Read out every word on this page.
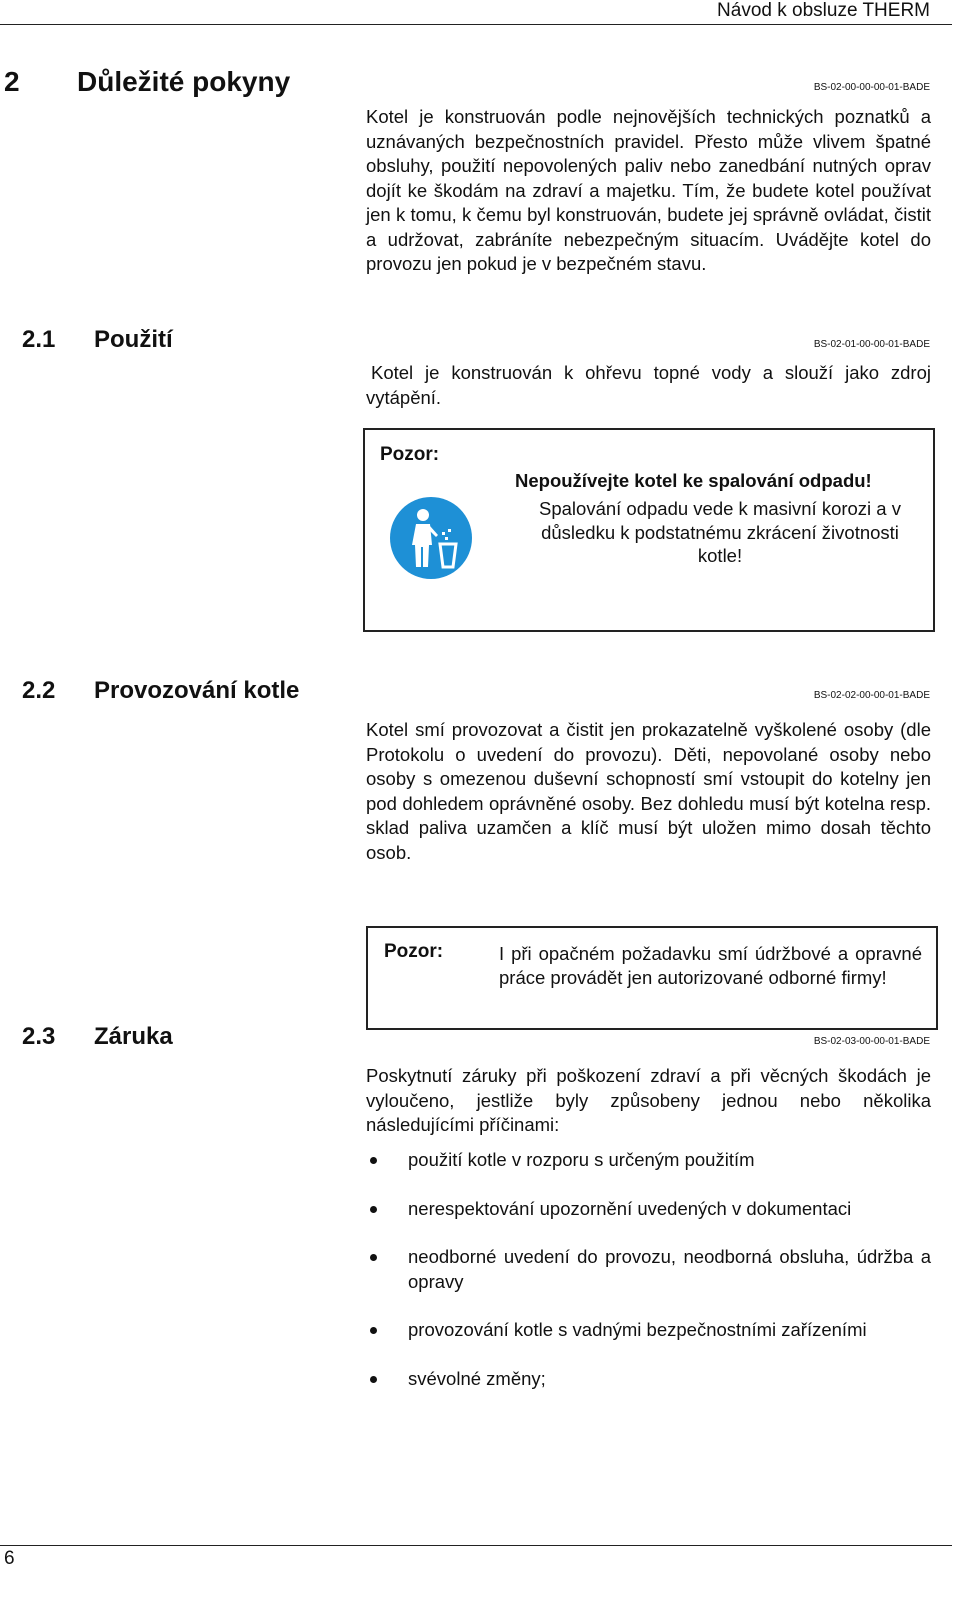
Návod k obsluze THERM
2 Důležité pokyny	BS-02-00-00-00-01-BADE
Kotel je konstruován podle nejnovějších technických poznatků a uznávaných bezpečnostních pravidel. Přesto může vlivem špatné obsluhy, použití nepovolených paliv nebo zanedbání nutných oprav dojít ke škodám na zdraví a majetku. Tím, že budete kotel používat jen k tomu, k čemu byl konstruován, budete jej správně ovládat, čistit a udržovat, zabráníte nebezpečným situacím. Uvádějte kotel do provozu jen pokud je v bezpečném stavu.
2.1 Použití	BS-02-01-00-00-01-BADE
Kotel je konstruován k ohřevu topné vody a slouží jako zdroj vytápění.
Pozor:
Nepoužívejte kotel ke spalování odpadu!
Spalování odpadu vede k masivní korozi a v důsledku k podstatnému zkrácení životnosti kotle!
2.2 Provozování kotle	BS-02-02-00-00-01-BADE
Kotel smí provozovat a čistit jen prokazatelně vyškolené osoby (dle Protokolu o uvedení do provozu). Děti, nepovolané osoby nebo osoby s omezenou duševní schopností smí vstoupit do kotelny jen pod dohledem oprávněné osoby. Bez dohledu musí být kotelna resp. sklad paliva uzamčen a klíč musí být uložen mimo dosah těchto osob.
Pozor:	I při opačném požadavku smí údržbové a opravné práce provádět jen autorizované odborné firmy!
2.3 Záruka	BS-02-03-00-00-01-BADE
Poskytnutí záruky při poškození zdraví a při věcných škodách je vyloučeno, jestliže byly způsobeny jednou nebo několika následujícími příčinami:
použití kotle v rozporu s určeným použitím
nerespektování upozornění uvedených v dokumentaci
neodborné uvedení do provozu, neodborná obsluha, údržba a opravy
provozování kotle s vadnými bezpečnostními zařízeními
svévolné změny;
6
